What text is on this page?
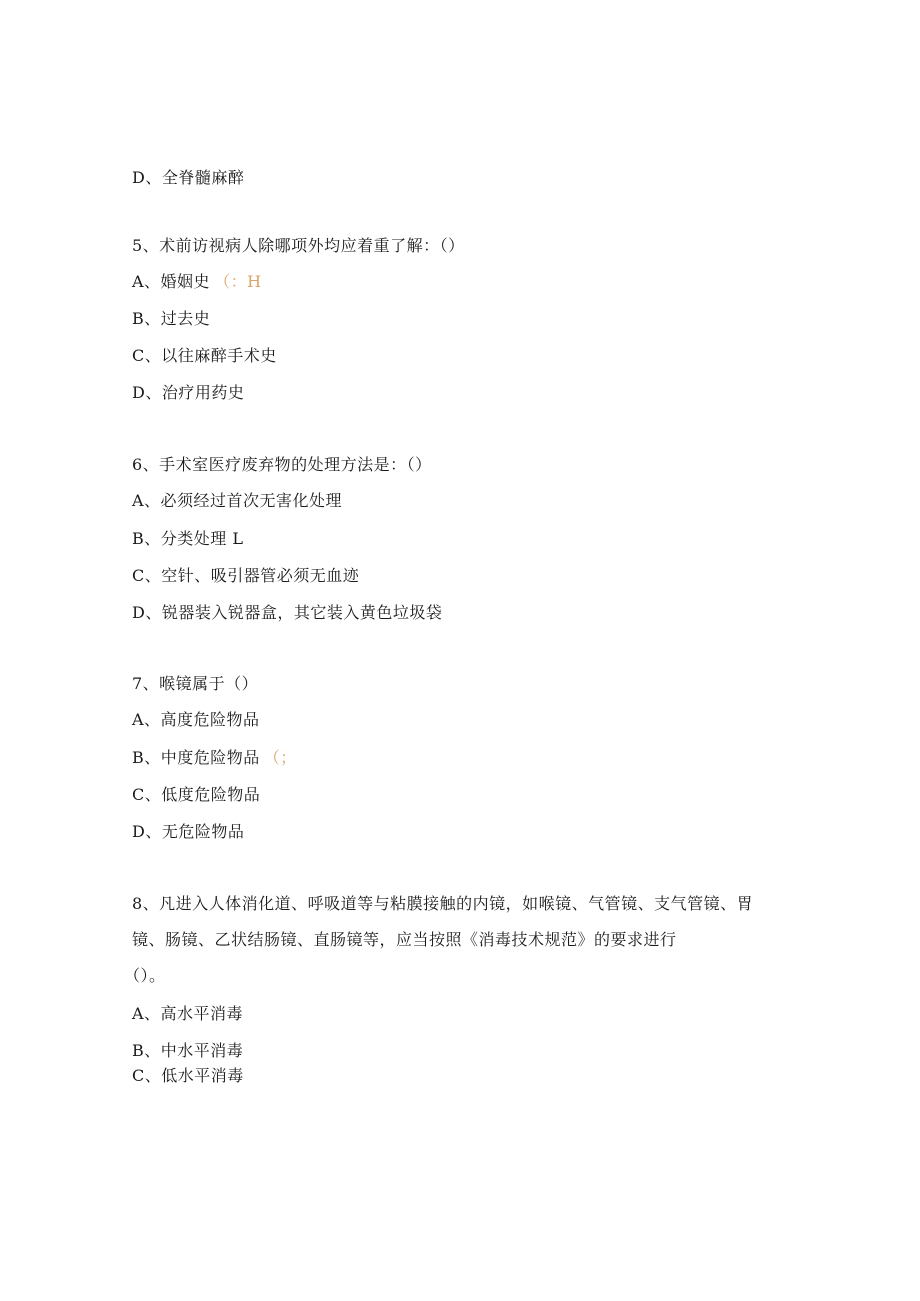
D、全脊髓麻醉
5、术前访视病人除哪项外均应着重了解：（）
A、婚姻史 （：H
B、过去史
C、以往麻醉手术史
D、治疗用药史
6、手术室医疗废弃物的处理方法是：（）
A、必须经过首次无害化处理
B、分类处理 L
C、空针、吸引器管必须无血迹
D、锐器装入锐器盒，其它装入黄色垃圾袋
7、喉镜属于（）
A、高度危险物品
B、中度危险物品 （；
C、低度危险物品
D、无危险物品
8、凡进入人体消化道、呼吸道等与粘膜接触的内镜，如喉镜、气管镜、支气管镜、胃
镜、肠镜、乙状结肠镜、直肠镜等，应当按照《消毒技术规范》的要求进行
（）。
A、高水平消毒
B、中水平消毒
C、低水平消毒
